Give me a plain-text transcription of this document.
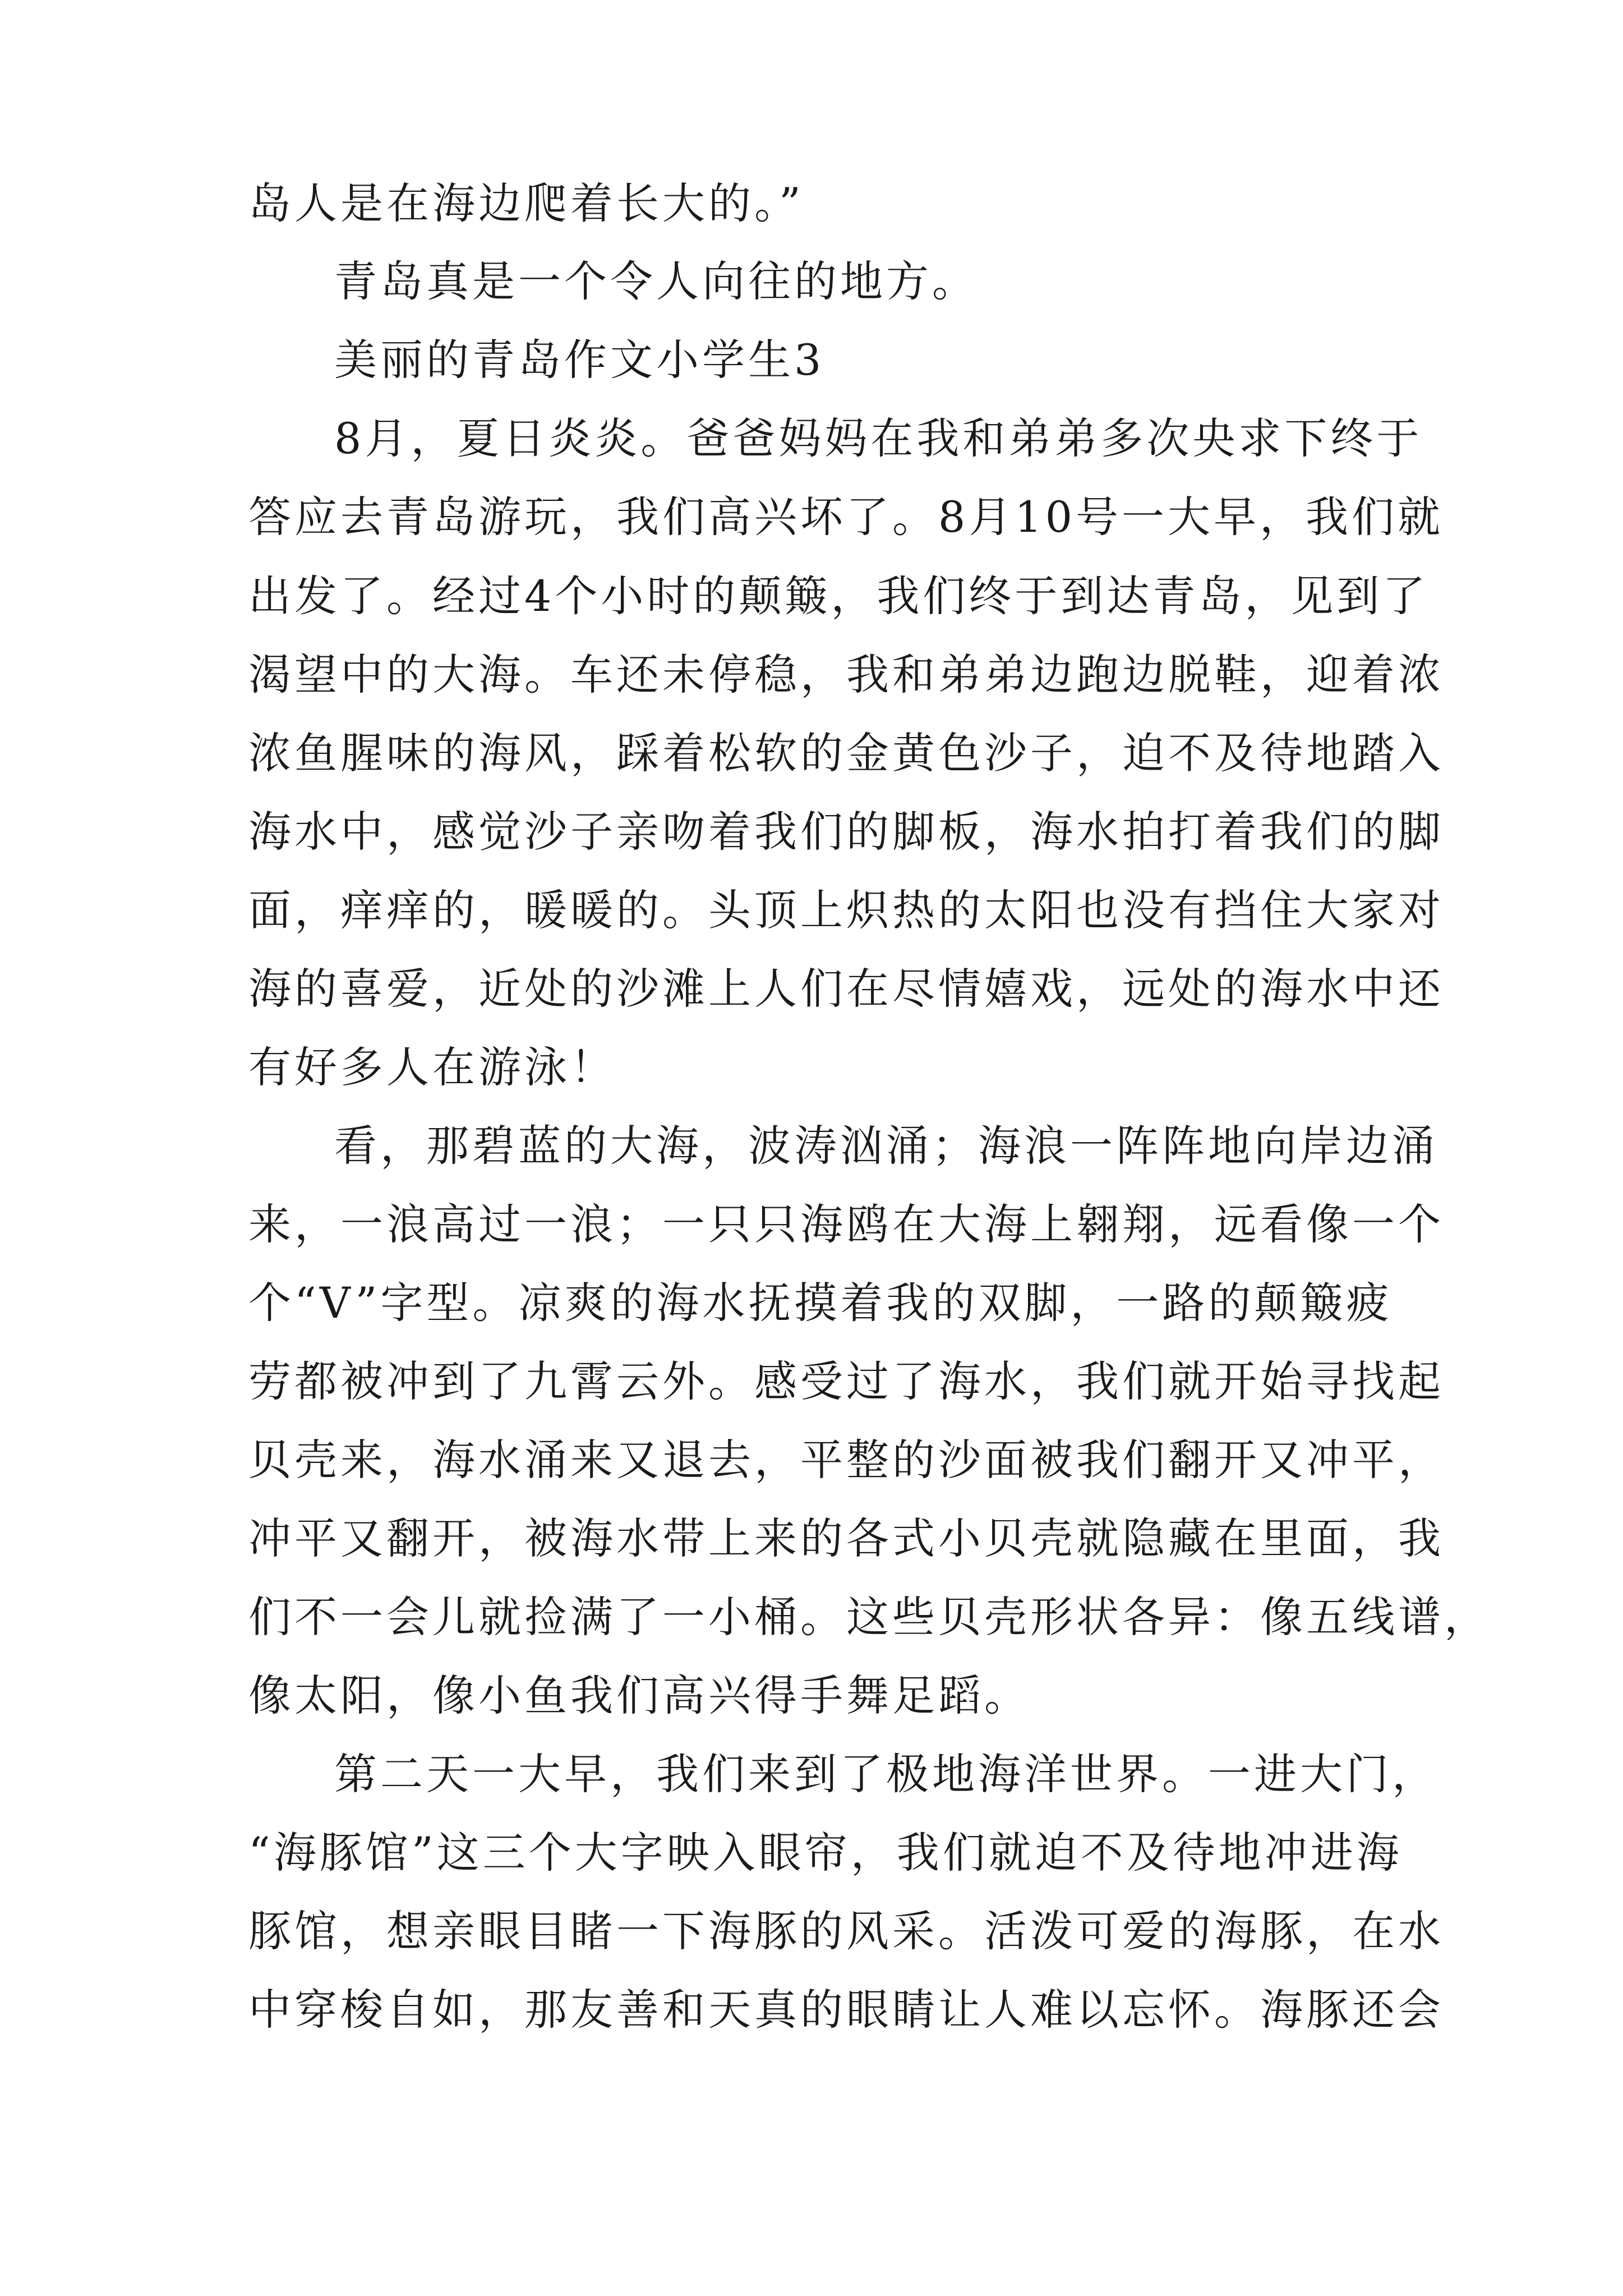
岛人是在海边爬着长大的。”
青岛真是一个令人向往的地方。
美丽的青岛作文小学生3
8月，夏日炎炎。爸爸妈妈在我和弟弟多次央求下终于
答应去青岛游玩，我们高兴坏了。8月10号一大早，我们就
出发了。经过4个小时的颠簸，我们终于到达青岛，见到了
渴望中的大海。车还未停稳，我和弟弟边跑边脱鞋，迎着浓
浓鱼腥味的海风，踩着松软的金黄色沙子，迫不及待地踏入
海水中，感觉沙子亲吻着我们的脚板，海水拍打着我们的脚
面，痒痒的，暖暖的。头顶上炽热的太阳也没有挡住大家对
海的喜爱，近处的沙滩上人们在尽情嬉戏，远处的海水中还
有好多人在游泳！
看，那碧蓝的大海，波涛汹涌；海浪一阵阵地向岸边涌
来，一浪高过一浪；一只只海鸥在大海上翱翔，远看像一个
个“V”字型。凉爽的海水抚摸着我的双脚，一路的颠簸疲
劳都被冲到了九霄云外。感受过了海水，我们就开始寻找起
贝壳来，海水涌来又退去，平整的沙面被我们翻开又冲平，
冲平又翻开，被海水带上来的各式小贝壳就隐藏在里面，我
们不一会儿就捡满了一小桶。这些贝壳形状各异：像五线谱，
像太阳，像小鱼我们高兴得手舞足蹈。
第二天一大早，我们来到了极地海洋世界。一进大门，
“海豚馆”这三个大字映入眼帘，我们就迫不及待地冲进海
豚馆，想亲眼目睹一下海豚的风采。活泼可爱的海豚，在水
中穿梭自如，那友善和天真的眼睛让人难以忘怀。海豚还会
